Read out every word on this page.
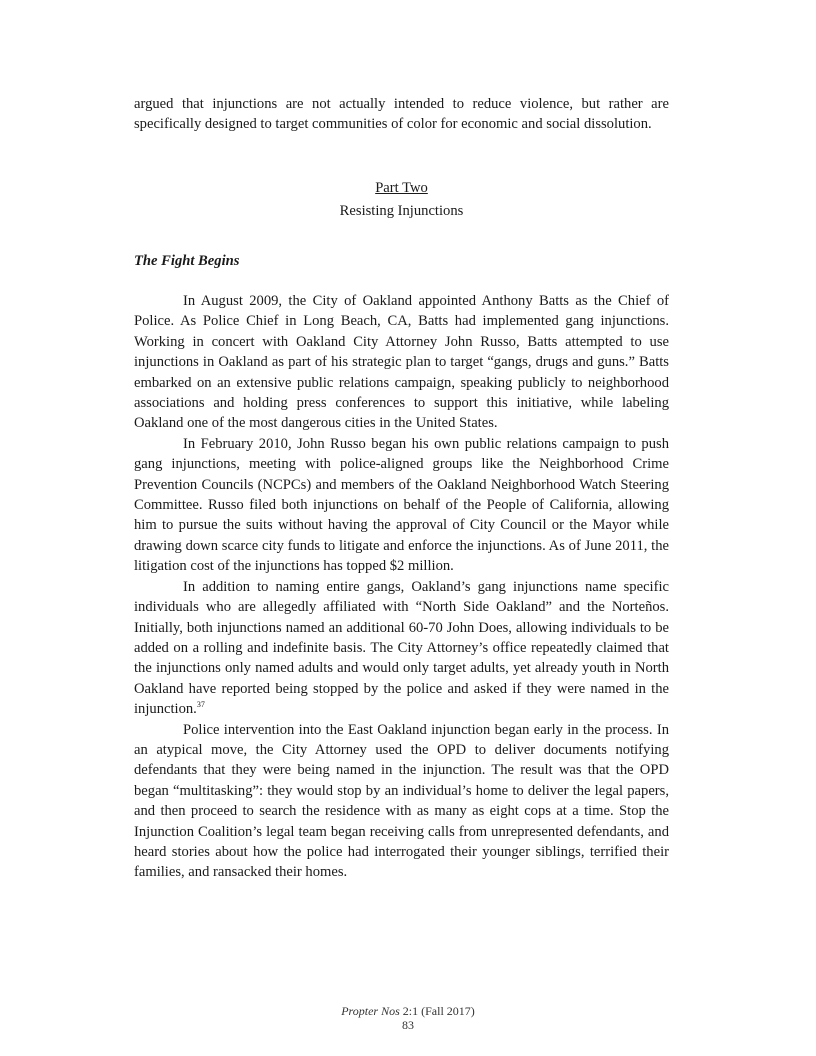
argued that injunctions are not actually intended to reduce violence, but rather are specifically designed to target communities of color for economic and social dissolution.

Part Two
Resisting Injunctions
The Fight Begins

In August 2009, the City of Oakland appointed Anthony Batts as the Chief of Police. As Police Chief in Long Beach, CA, Batts had implemented gang injunctions. Working in concert with Oakland City Attorney John Russo, Batts attempted to use injunctions in Oakland as part of his strategic plan to target “gangs, drugs and guns.” Batts embarked on an extensive public relations campaign, speaking publicly to neighborhood associations and holding press conferences to support this initiative, while labeling Oakland one of the most dangerous cities in the United States.

In February 2010, John Russo began his own public relations campaign to push gang injunctions, meeting with police-aligned groups like the Neighborhood Crime Prevention Councils (NCPCs) and members of the Oakland Neighborhood Watch Steering Committee. Russo filed both injunctions on behalf of the People of California, allowing him to pursue the suits without having the approval of City Council or the Mayor while drawing down scarce city funds to litigate and enforce the injunctions. As of June 2011, the litigation cost of the injunctions has topped $2 million.

In addition to naming entire gangs, Oakland’s gang injunctions name specific individuals who are allegedly affiliated with “North Side Oakland” and the Norteños. Initially, both injunctions named an additional 60-70 John Does, allowing individuals to be added on a rolling and indefinite basis. The City Attorney’s office repeatedly claimed that the injunctions only named adults and would only target adults, yet already youth in North Oakland have reported being stopped by the police and asked if they were named in the injunction.$^{37}$

Police intervention into the East Oakland injunction began early in the process. In an atypical move, the City Attorney used the OPD to deliver documents notifying defendants that they were being named in the injunction. The result was that the OPD began “multitasking”: they would stop by an individual’s home to deliver the legal papers, and then proceed to search the residence with as many as eight cops at a time. Stop the Injunction Coalition’s legal team began receiving calls from unrepresented defendants, and heard stories about how the police had interrogated their younger siblings, terrified their families, and ransacked their homes.

Propter Nos 2:1 (Fall 2017)
83
